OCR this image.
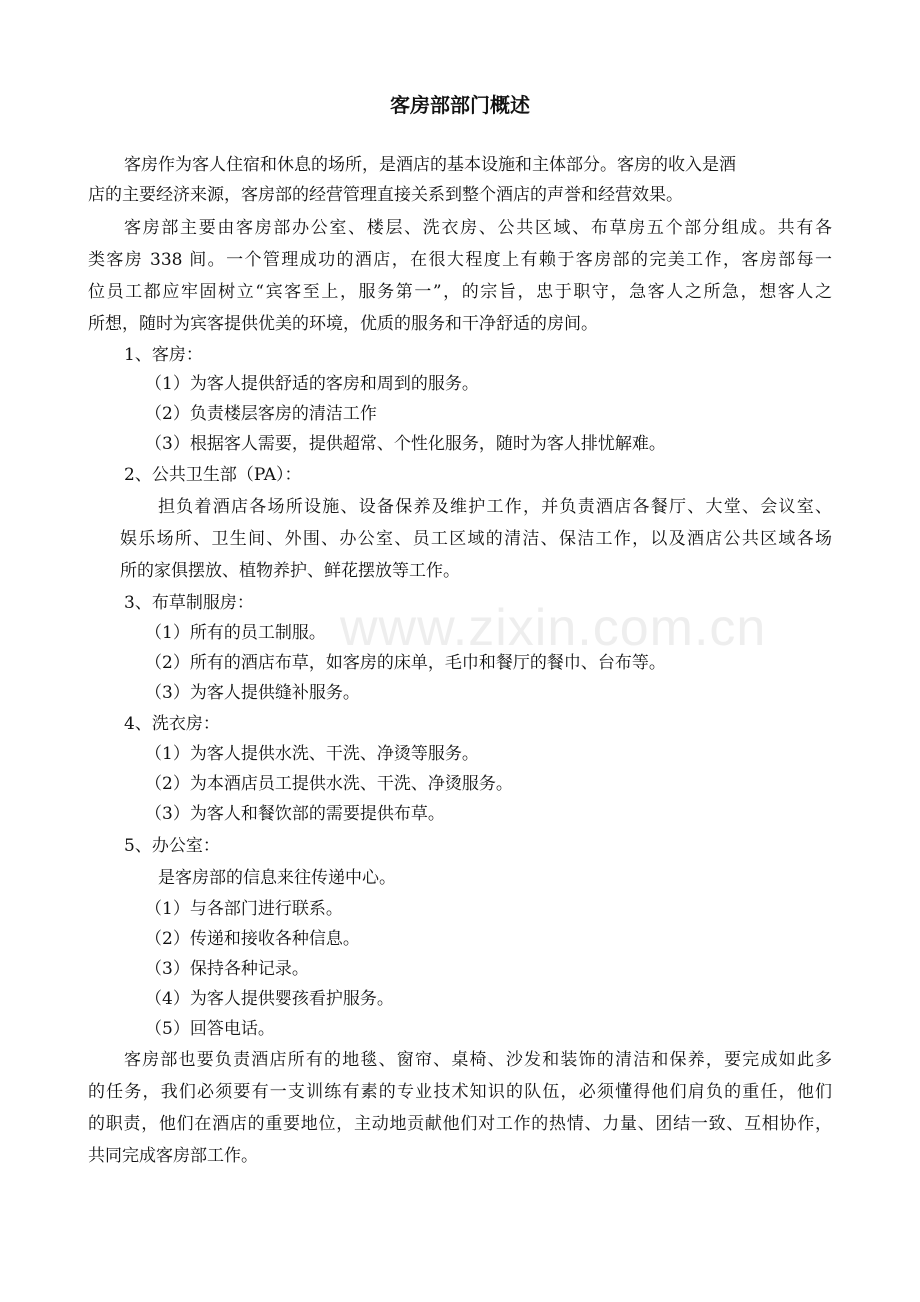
www.zixin.com.cn
客房部部门概述
客房作为客人住宿和休息的场所，是酒店的基本设施和主体部分。客房的收入是酒
店的主要经济来源，客房部的经营管理直接关系到整个酒店的声誉和经营效果。
客房部主要由客房部办公室、楼层、洗衣房、公共区域、布草房五个部分组成。共有各
类客房 338 间。一个管理成功的酒店，在很大程度上有赖于客房部的完美工作，客房部每一
位员工都应牢固树立“宾客至上，服务第一”，的宗旨，忠于职守，急客人之所急，想客人之
所想，随时为宾客提供优美的环境，优质的服务和干净舒适的房间。
1、客房：
（1）为客人提供舒适的客房和周到的服务。
（2）负责楼层客房的清洁工作
（3）根据客人需要，提供超常、个性化服务，随时为客人排忧解难。
2、公共卫生部（PA）：
担负着酒店各场所设施、设备保养及维护工作，并负责酒店各餐厅、大堂、会议室、
娱乐场所、卫生间、外围、办公室、员工区域的清洁、保洁工作，以及酒店公共区域各场
所的家俱摆放、植物养护、鲜花摆放等工作。
3、布草制服房：
（1）所有的员工制服。
（2）所有的酒店布草，如客房的床单，毛巾和餐厅的餐巾、台布等。
（3）为客人提供缝补服务。
4、洗衣房：
（1）为客人提供水洗、干洗、净烫等服务。
（2）为本酒店员工提供水洗、干洗、净烫服务。
（3）为客人和餐饮部的需要提供布草。
5、办公室：
是客房部的信息来往传递中心。
（1）与各部门进行联系。
（2）传递和接收各种信息。
（3）保持各种记录。
（4）为客人提供婴孩看护服务。
（5）回答电话。
客房部也要负责酒店所有的地毯、窗帘、桌椅、沙发和装饰的清洁和保养，要完成如此多
的任务，我们必须要有一支训练有素的专业技术知识的队伍，必须懂得他们肩负的重任，他们
的职责，他们在酒店的重要地位，主动地贡献他们对工作的热情、力量、团结一致、互相协作，
共同完成客房部工作。
